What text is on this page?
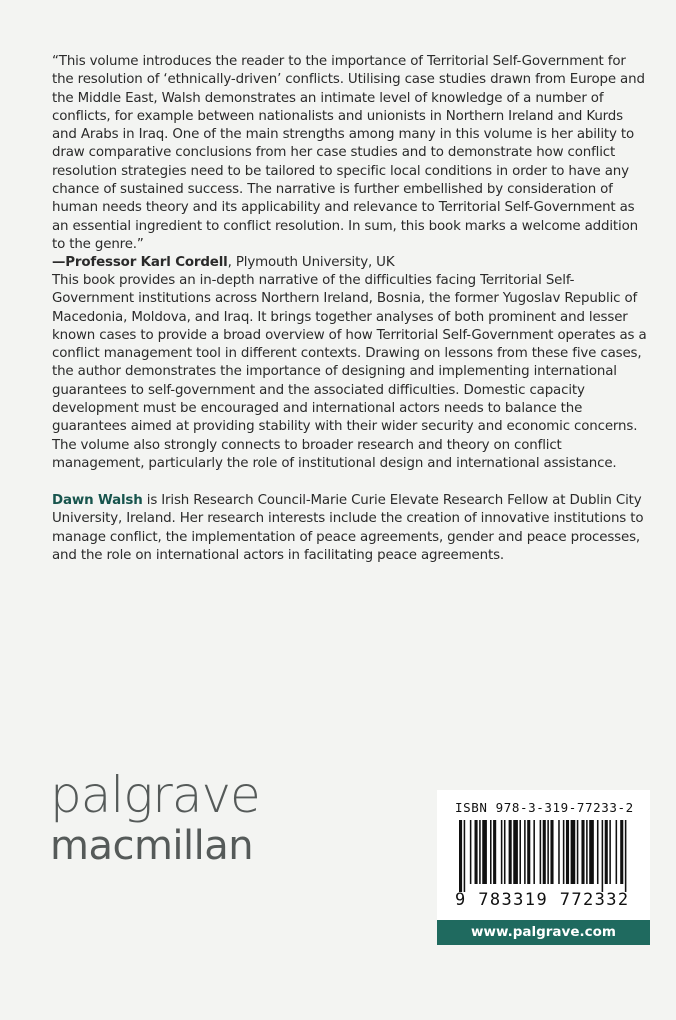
“This volume introduces the reader to the importance of Territorial Self-Government for the resolution of ‘ethnically-driven’ conflicts. Utilising case studies drawn from Europe and the Middle East, Walsh demonstrates an intimate level of knowledge of a number of conflicts, for example between nationalists and unionists in Northern Ireland and Kurds and Arabs in Iraq. One of the main strengths among many in this volume is her ability to draw comparative conclusions from her case studies and to demonstrate how conflict resolution strategies need to be tailored to specific local conditions in order to have any chance of sustained success. The narrative is further embellished by consideration of human needs theory and its applicability and relevance to Territorial Self-Government as an essential ingredient to conflict resolution. In sum, this book marks a welcome addition to the genre.”
—Professor Karl Cordell, Plymouth University, UK

This book provides an in-depth narrative of the difficulties facing Territorial Self-Government institutions across Northern Ireland, Bosnia, the former Yugoslav Republic of Macedonia, Moldova, and Iraq. It brings together analyses of both prominent and lesser known cases to provide a broad overview of how Territorial Self-Government operates as a conflict management tool in different contexts. Drawing on lessons from these five cases, the author demonstrates the importance of designing and implementing international guarantees to self-government and the associated difficulties. Domestic capacity development must be encouraged and international actors needs to balance the guarantees aimed at providing stability with their wider security and economic concerns. The volume also strongly connects to broader research and theory on conflict management, particularly the role of institutional design and international assistance.

Dawn Walsh is Irish Research Council-Marie Curie Elevate Research Fellow at Dublin City University, Ireland. Her research interests include the creation of innovative institutions to manage conflict, the implementation of peace agreements, gender and peace processes, and the role on international actors in facilitating peace agreements.

palgrave
macmillan
ISBN 978-3-319-77233-2
9 783319 772332
www.palgrave.com
